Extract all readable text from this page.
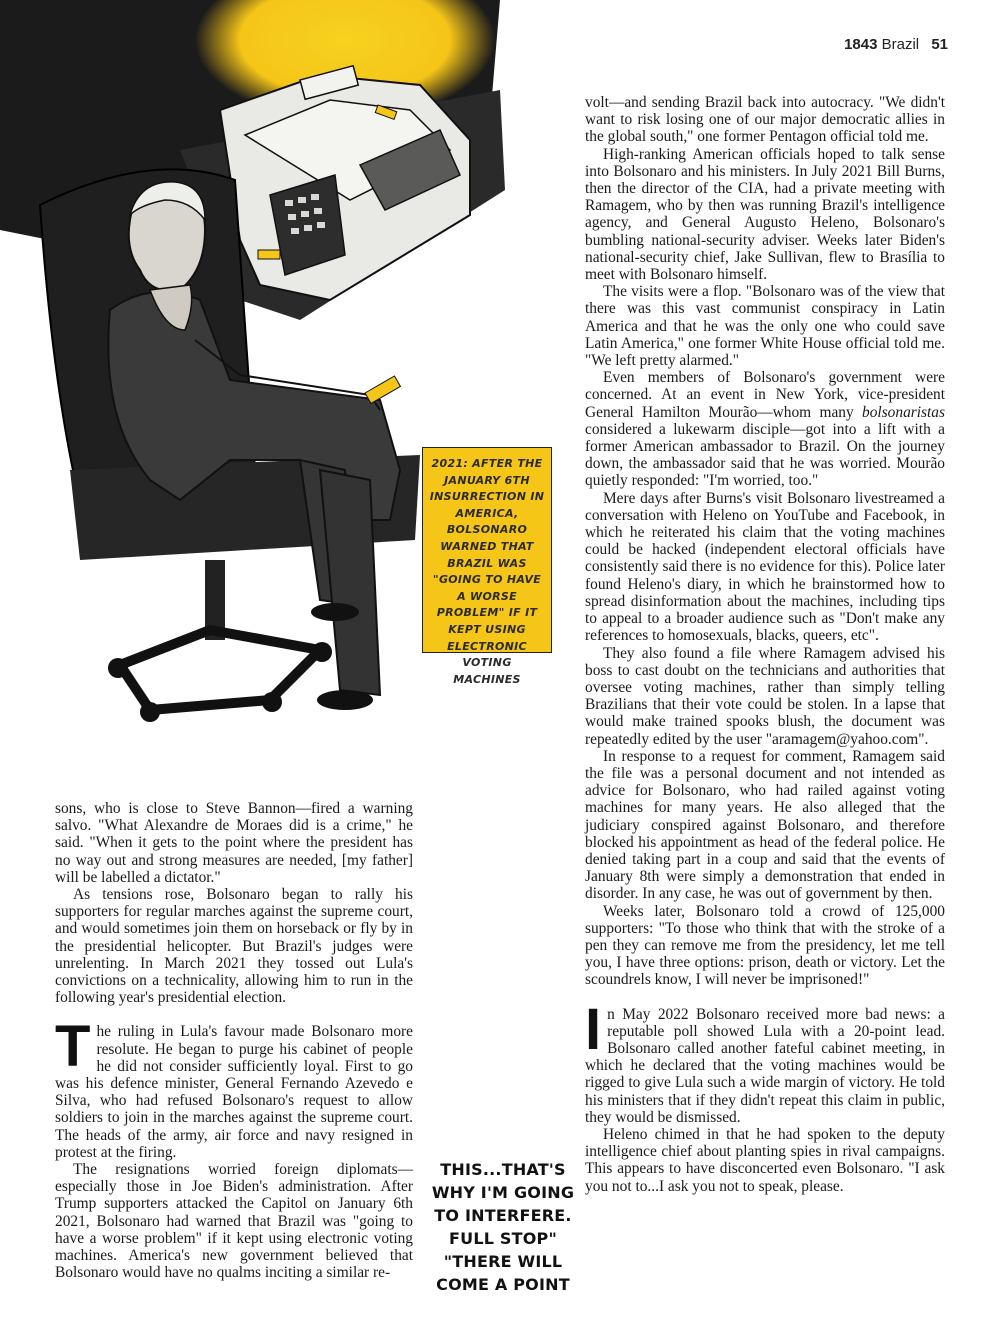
1843 Brazil 51
2021: AFTER THE JANUARY 6TH INSURRECTION IN AMERICA, BOLSONARO WARNED THAT BRAZIL WAS "GOING TO HAVE A WORSE PROBLEM" IF IT KEPT USING ELECTRONIC VOTING MACHINES

sons, who is close to Steve Bannon—fired a warning salvo. "What Alexandre de Moraes did is a crime," he said. "When it gets to the point where the president has no way out and strong measures are needed, [my father] will be labelled a dictator."

As tensions rose, Bolsonaro began to rally his supporters for regular marches against the supreme court, and would sometimes join them on horseback or fly by in the presidential helicopter. But Brazil's judges were unrelenting. In March 2021 they tossed out Lula's convictions on a technicality, allowing him to run in the following year's presidential election.

The ruling in Lula's favour made Bolsonaro more resolute. He began to purge his cabinet of people he did not consider sufficiently loyal. First to go was his defence minister, General Fernando Azevedo e Silva, who had refused Bolsonaro's request to allow soldiers to join in the marches against the supreme court. The heads of the army, air force and navy resigned in protest at the firing.

The resignations worried foreign diplomats—especially those in Joe Biden's administration. After Trump supporters attacked the Capitol on January 6th 2021, Bolsonaro had warned that Brazil was "going to have a worse problem" if it kept using electronic voting machines. America's new government believed that Bolsonaro would have no qualms inciting a similar re-

THIS...THAT'S
WHY I'M GOING
TO INTERFERE.
FULL STOP"
"THERE WILL
COME A POINT

volt—and sending Brazil back into autocracy. "We didn't want to risk losing one of our major democratic allies in the global south," one former Pentagon official told me.

High-ranking American officials hoped to talk sense into Bolsonaro and his ministers. In July 2021 Bill Burns, then the director of the CIA, had a private meeting with Ramagem, who by then was running Brazil's intelligence agency, and General Augusto Heleno, Bolsonaro's bumbling national-security adviser. Weeks later Biden's national-security chief, Jake Sullivan, flew to Brasília to meet with Bolsonaro himself.

The visits were a flop. "Bolsonaro was of the view that there was this vast communist conspiracy in Latin America and that he was the only one who could save Latin America," one former White House official told me. "We left pretty alarmed."

Even members of Bolsonaro's government were concerned. At an event in New York, vice-president General Hamilton Mourão—whom many bolsonaristas considered a lukewarm disciple—got into a lift with a former American ambassador to Brazil. On the journey down, the ambassador said that he was worried. Mourão quietly responded: "I'm worried, too."

Mere days after Burns's visit Bolsonaro livestreamed a conversation with Heleno on YouTube and Facebook, in which he reiterated his claim that the voting machines could be hacked (independent electoral officials have consistently said there is no evidence for this). Police later found Heleno's diary, in which he brainstormed how to spread disinformation about the machines, including tips to appeal to a broader audience such as "Don't make any references to homosexuals, blacks, queers, etc".

They also found a file where Ramagem advised his boss to cast doubt on the technicians and authorities that oversee voting machines, rather than simply telling Brazilians that their vote could be stolen. In a lapse that would make trained spooks blush, the document was repeatedly edited by the user "aramagem@yahoo.com".

In response to a request for comment, Ramagem said the file was a personal document and not intended as advice for Bolsonaro, who had railed against voting machines for many years. He also alleged that the judiciary conspired against Bolsonaro, and therefore blocked his appointment as head of the federal police. He denied taking part in a coup and said that the events of January 8th were simply a demonstration that ended in disorder. In any case, he was out of government by then.

Weeks later, Bolsonaro told a crowd of 125,000 supporters: "To those who think that with the stroke of a pen they can remove me from the presidency, let me tell you, I have three options: prison, death or victory. Let the scoundrels know, I will never be imprisoned!"

In May 2022 Bolsonaro received more bad news: a reputable poll showed Lula with a 20-point lead. Bolsonaro called another fateful cabinet meeting, in which he declared that the voting machines would be rigged to give Lula such a wide margin of victory. He told his ministers that if they didn't repeat this claim in public, they would be dismissed.

Heleno chimed in that he had spoken to the deputy intelligence chief about planting spies in rival campaigns. This appears to have disconcerted even Bolsonaro. "I ask you not to...I ask you not to speak, please.
